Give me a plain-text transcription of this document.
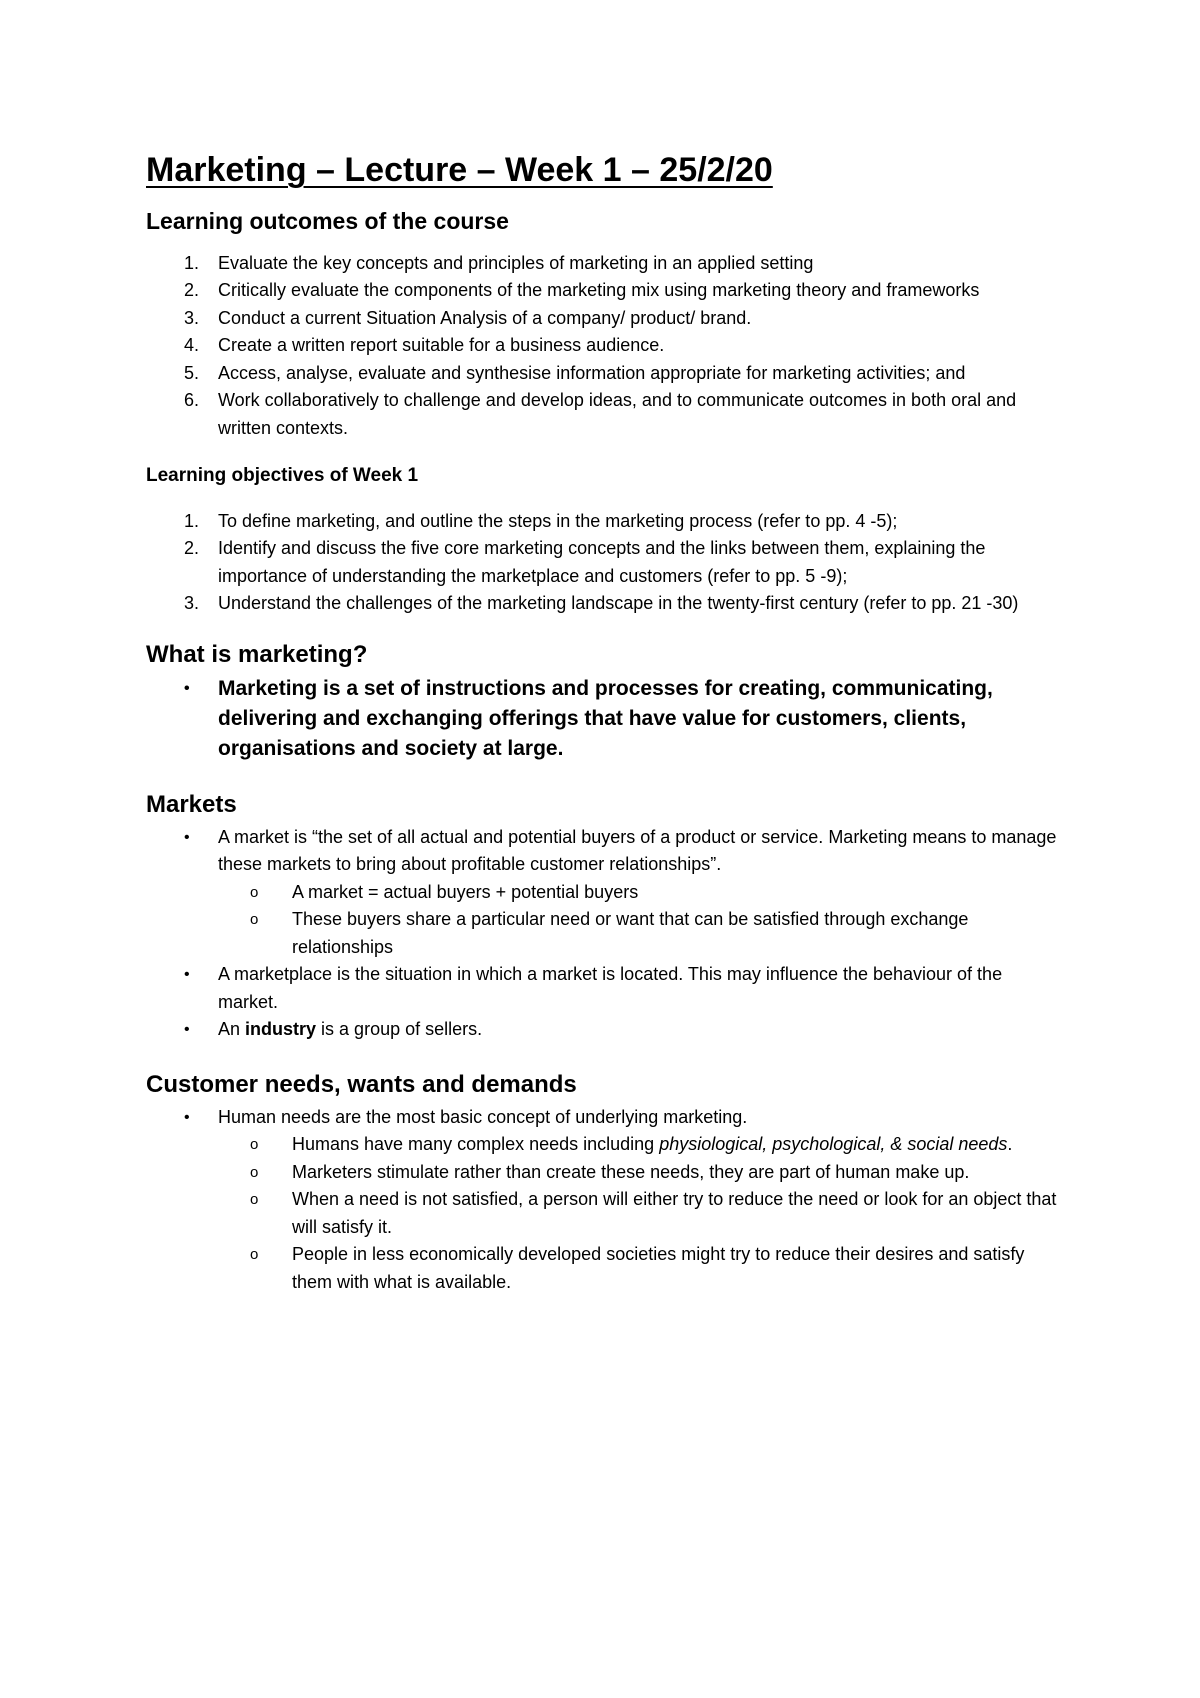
Marketing – Lecture – Week 1 – 25/2/20
Learning outcomes of the course
1. Evaluate the key concepts and principles of marketing in an applied setting
2. Critically evaluate the components of the marketing mix using marketing theory and frameworks
3. Conduct a current Situation Analysis of a company/ product/ brand.
4. Create a written report suitable for a business audience.
5. Access, analyse, evaluate and synthesise information appropriate for marketing activities; and
6. Work collaboratively to challenge and develop ideas, and to communicate outcomes in both oral and written contexts.
Learning objectives of Week 1
1. To define marketing, and outline the steps in the marketing process (refer to pp. 4 -5);
2. Identify and discuss the five core marketing concepts and the links between them, explaining the importance of understanding the marketplace and customers (refer to pp. 5 -9);
3. Understand the challenges of the marketing landscape in the twenty-first century (refer to pp. 21 -30)
What is marketing?
• Marketing is a set of instructions and processes for creating, communicating, delivering and exchanging offerings that have value for customers, clients, organisations and society at large.
Markets
• A market is “the set of all actual and potential buyers of a product or service. Marketing means to manage these markets to bring about profitable customer relationships”.
o A market = actual buyers + potential buyers
o These buyers share a particular need or want that can be satisfied through exchange relationships
• A marketplace is the situation in which a market is located. This may influence the behaviour of the market.
• An industry is a group of sellers.
Customer needs, wants and demands
• Human needs are the most basic concept of underlying marketing.
o Humans have many complex needs including physiological, psychological, & social needs.
o Marketers stimulate rather than create these needs, they are part of human make up.
o When a need is not satisfied, a person will either try to reduce the need or look for an object that will satisfy it.
o People in less economically developed societies might try to reduce their desires and satisfy them with what is available.
